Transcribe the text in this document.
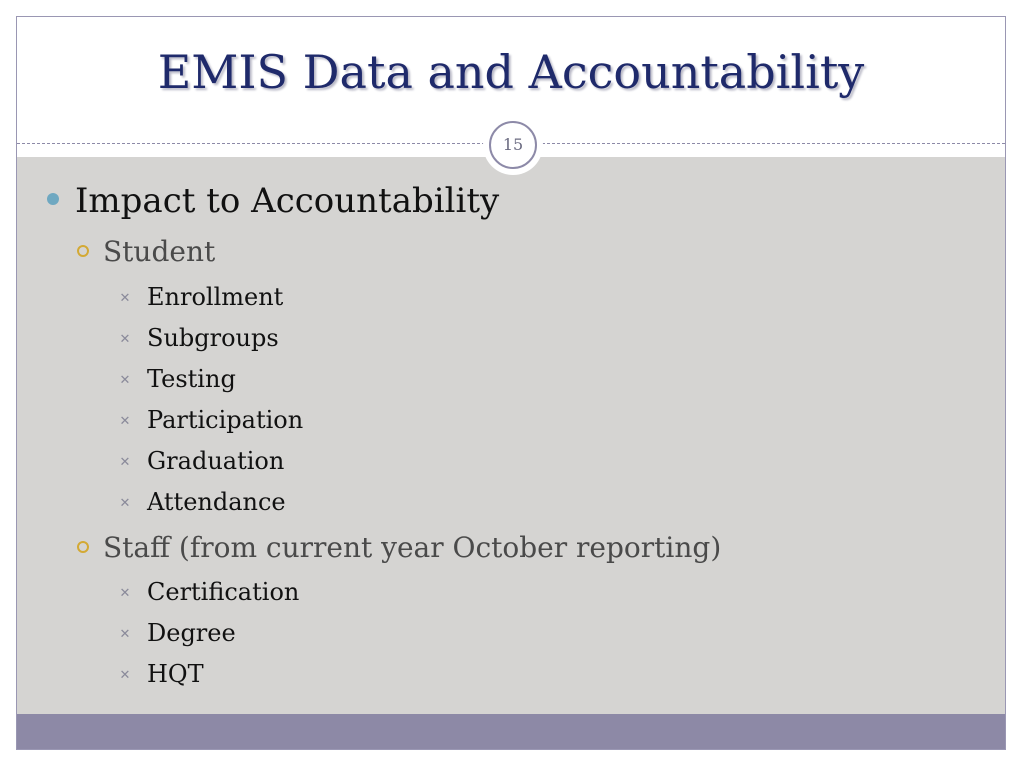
EMIS Data and Accountability
Impact to Accountability
Student
✕ Enrollment
✕ Subgroups
✕ Testing
✕ Participation
✕ Graduation
✕ Attendance
Staff (from current year October reporting)
✕ Certification
✕ Degree
✕ HQT
15
